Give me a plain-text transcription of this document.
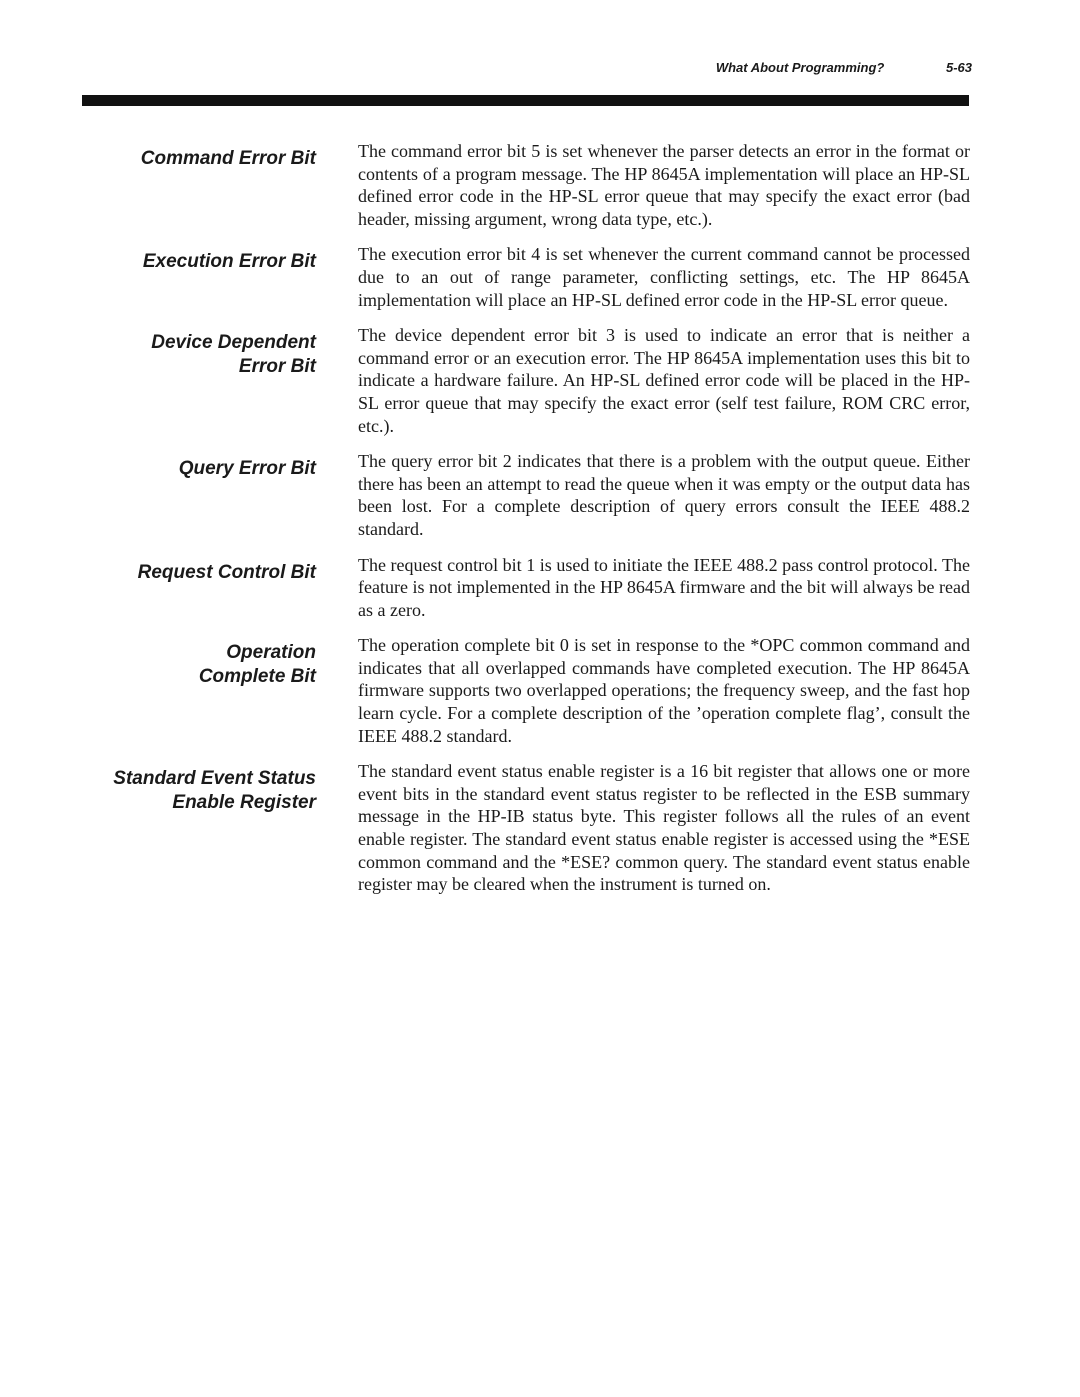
What About Programming?	5-63
Command Error Bit The command error bit 5 is set whenever the parser detects an error in the format or contents of a program message. The HP 8645A implementation will place an HP-SL defined error code in the HP-SL error queue that may specify the exact error (bad header, missing argument, wrong data type, etc.).
Execution Error Bit The execution error bit 4 is set whenever the current command cannot be processed due to an out of range parameter, conflicting settings, etc. The HP 8645A implementation will place an HP-SL defined error code in the HP-SL error queue.
Device Dependent
Error Bit
The device dependent error bit 3 is used to indicate an error that is neither a command error or an execution error. The HP 8645A implementation uses this bit to indicate a hardware failure. An HP-SL defined error code will be placed in the HP-SL error queue that may specify the exact error (self test failure, ROM CRC error, etc.).
Query Error Bit The query error bit 2 indicates that there is a problem with the output queue. Either there has been an attempt to read the queue when it was empty or the output data has been lost. For a complete description of query errors consult the IEEE 488.2 standard.
Request Control Bit The request control bit 1 is used to initiate the IEEE 488.2 pass control protocol. The feature is not implemented in the HP 8645A firmware and the bit will always be read as a zero.
Operation
Complete Bit
The operation complete bit 0 is set in response to the *OPC common command and indicates that all overlapped commands have completed execution. The HP 8645A firmware supports two overlapped operations; the frequency sweep, and the fast hop learn cycle. For a complete description of the ’operation complete flag’, consult the IEEE 488.2 standard.
Standard Event Status
Enable Register
The standard event status enable register is a 16 bit register that allows one or more event bits in the standard event status register to be reflected in the ESB summary message in the HP-IB status byte. This register follows all the rules of an event enable register. The standard event status enable register is accessed using the *ESE common command and the *ESE? common query. The standard event status enable register may be cleared when the instrument is turned on.
